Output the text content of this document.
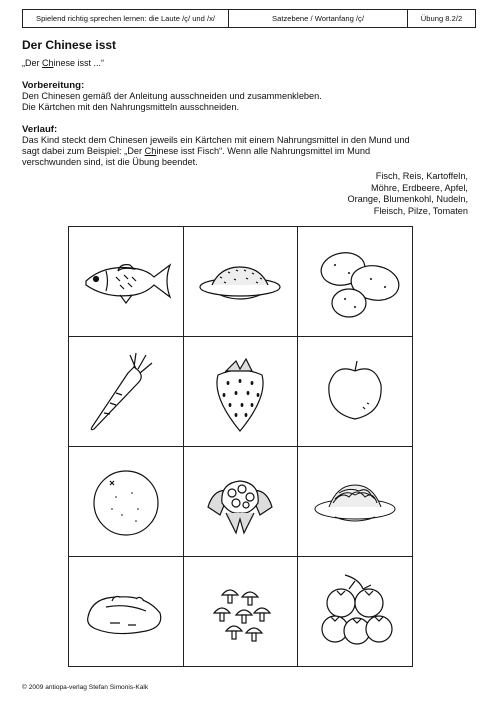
Spielend richtig sprechen lernen: die Laute /ç/ und /x/	Satzebene / Wortanfang /ç/	Übung 8.2/2
Der Chinese isst
„Der Chinese isst ...“
Vorbereitung:
Den Chinesen gemäß der Anleitung ausschneiden und zusammenkleben.
Die Kärtchen mit den Nahrungsmitteln ausschneiden.
Verlauf:
Das Kind steckt dem Chinesen jeweils ein Kärtchen mit einem Nahrungsmittel in den Mund und
sagt dabei zum Beispiel: „Der Chinese isst Fisch“. Wenn alle Nahrungsmittel im Mund
verschwunden sind, ist die Übung beendet.
Fisch, Reis, Kartoffeln,
Möhre, Erdbeere, Apfel,
Orange, Blumenkohl, Nudeln,
Fleisch, Pilze, Tomaten
© 2009 antiopa-verlag Stefan Simonis-Kalk
